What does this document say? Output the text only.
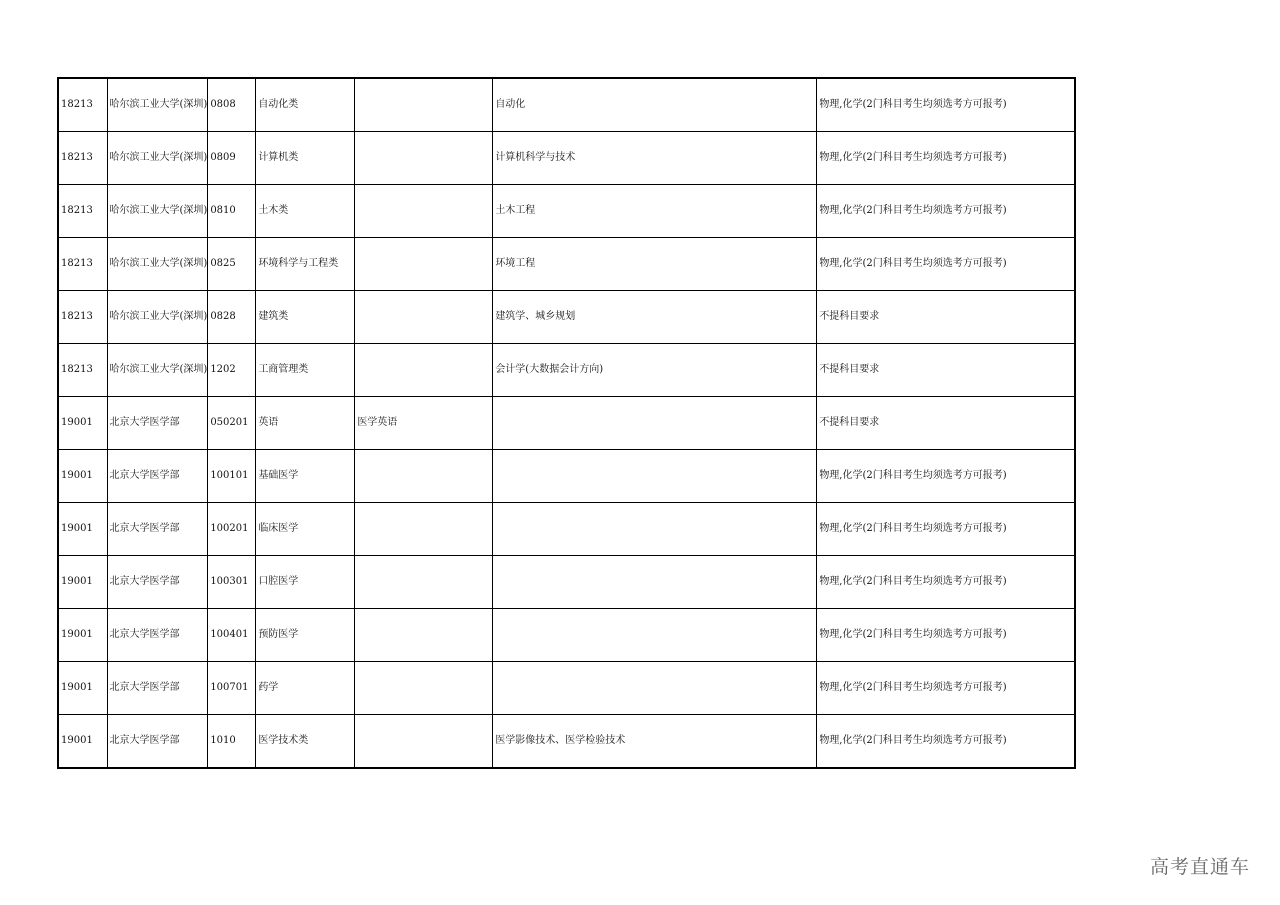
18213	哈尔滨工业大学(深圳)	0808	自动化类		自动化	物理,化学(2门科目考生均须选考方可报考)
18213	哈尔滨工业大学(深圳)	0809	计算机类		计算机科学与技术	物理,化学(2门科目考生均须选考方可报考)
18213	哈尔滨工业大学(深圳)	0810	土木类		土木工程	物理,化学(2门科目考生均须选考方可报考)
18213	哈尔滨工业大学(深圳)	0825	环境科学与工程类		环境工程	物理,化学(2门科目考生均须选考方可报考)
18213	哈尔滨工业大学(深圳)	0828	建筑类		建筑学、城乡规划	不提科目要求
18213	哈尔滨工业大学(深圳)	1202	工商管理类		会计学(大数据会计方向)	不提科目要求
19001	北京大学医学部	050201	英语	医学英语		不提科目要求
19001	北京大学医学部	100101	基础医学			物理,化学(2门科目考生均须选考方可报考)
19001	北京大学医学部	100201	临床医学			物理,化学(2门科目考生均须选考方可报考)
19001	北京大学医学部	100301	口腔医学			物理,化学(2门科目考生均须选考方可报考)
19001	北京大学医学部	100401	预防医学			物理,化学(2门科目考生均须选考方可报考)
19001	北京大学医学部	100701	药学			物理,化学(2门科目考生均须选考方可报考)
19001	北京大学医学部	1010	医学技术类		医学影像技术、医学检验技术	物理,化学(2门科目考生均须选考方可报考)
高考直通车
